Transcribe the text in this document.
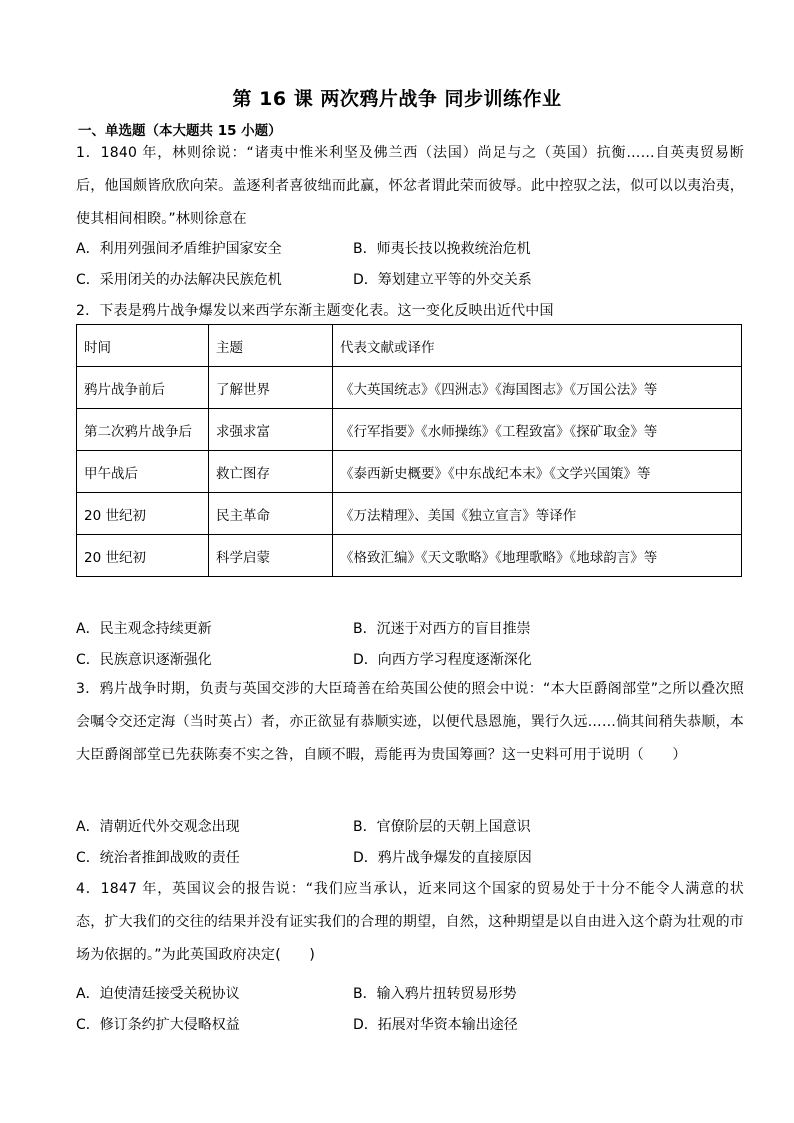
第 16 课 两次鸦片战争 同步训练作业
一、单选题（本大题共 15 小题）
1．1840 年，林则徐说：“诸夷中惟米利坚及佛兰西（法国）尚足与之（英国）抗衡……自英夷贸易断后，他国颇皆欣欣向荣。盖逐利者喜彼绌而此赢，怀忿者谓此荣而彼辱。此中控驭之法，似可以以夷治夷，使其相间相睽。”林则徐意在
A．利用列强间矛盾维护国家安全	B．师夷长技以挽救统治危机
C．采用闭关的办法解决民族危机	D．筹划建立平等的外交关系
2．下表是鸦片战争爆发以来西学东渐主题变化表。这一变化反映出近代中国
时间	主题	代表文献或译作
鸦片战争前后	了解世界	《大英国统志》《四洲志》《海国图志》《万国公法》等
第二次鸦片战争后	求强求富	《行军指要》《水师操练》《工程致富》《探矿取金》等
甲午战后	救亡图存	《泰西新史概要》《中东战纪本末》《文学兴国策》等
20 世纪初	民主革命	《万法精理》、美国《独立宣言》等译作
20 世纪初	科学启蒙	《格致汇编》《天文歌略》《地理歌略》《地球韵言》等
A．民主观念持续更新	B．沉迷于对西方的盲目推崇
C．民族意识逐渐强化	D．向西方学习程度逐渐深化
3．鸦片战争时期，负责与英国交涉的大臣琦善在给英国公使的照会中说：“本大臣爵阁部堂”之所以叠次照会嘱令交还定海（当时英占）者，亦正欲显有恭顺实迹，以便代恳恩施，巽行久远……倘其间稍失恭顺，本大臣爵阁部堂已先获陈奏不实之咎，自顾不暇，焉能再为贵国筹画？这一史料可用于说明（　　）
A．清朝近代外交观念出现	B．官僚阶层的天朝上国意识
C．统治者推卸战败的责任	D．鸦片战争爆发的直接原因
4．1847 年，英国议会的报告说：“我们应当承认，近来同这个国家的贸易处于十分不能令人满意的状态，扩大我们的交往的结果并没有证实我们的合理的期望，自然，这种期望是以自由进入这个蔚为壮观的市场为依据的。”为此英国政府决定(　　)
A．迫使清廷接受关税协议	B．输入鸦片扭转贸易形势
C．修订条约扩大侵略权益	D．拓展对华资本输出途径
